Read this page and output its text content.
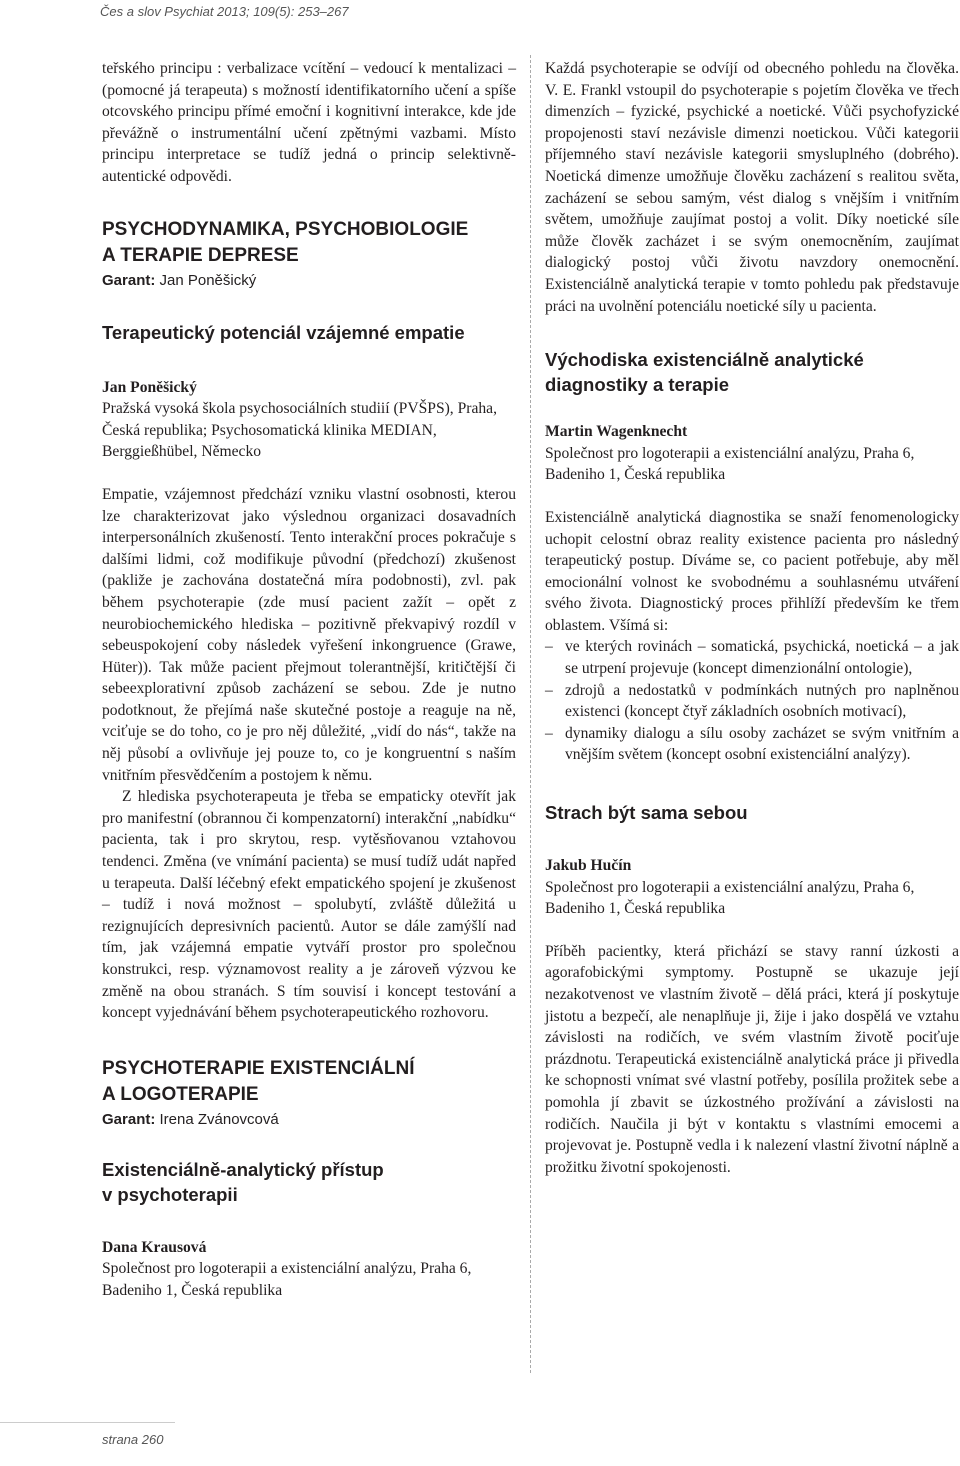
Čes a slov Psychiat 2013; 109(5): 253–267

teřského principu : verbalizace vcítění – vedoucí k mentalizaci – (pomocné já terapeuta) s možností identifikatorního učení a spíše otcovského principu přímé emoční i kognitivní interakce, kde jde převážně o instrumentální učení zpětnými vazbami. Místo principu interpretace se tudíž jedná o princip selektivně-autentické odpovědi.

PSYCHODYNAMIKA, PSYCHOBIOLOGIE
A TERAPIE DEPRESE
Garant: Jan Poněšický
Terapeutický potenciál vzájemné empatie
Jan Poněšický
Pražská vysoká škola psychosociálních studiií (PVŠPS), Praha, Česká republika; Psychosomatická klinika MEDIAN, Berggießhübel, Německo

Empatie, vzájemnost předchází vzniku vlastní osobnosti, kterou lze charakterizovat jako výslednou organizaci dosavadních interpersonálních zkušeností. Tento interakční proces pokračuje s dalšími lidmi, což modifikuje původní (předchozí) zkušenost (pakliže je zachována dostatečná míra podobnosti), zvl. pak během psychoterapie (zde musí pacient zažít – opět z neurobiochemického hlediska – pozitivně překvapivý rozdíl v sebeuspokojení coby následek vyřešení inkongruence (Grawe, Hüter)). Tak může pacient přejmout tolerantnější, kritičtější či sebeexplorativní způsob zacházení se sebou. Zde je nutno podotknout, že přejímá naše skutečné postoje a reaguje na ně, vciťuje se do toho, co je pro něj důležité, „vidí do nás“, takže na něj působí a ovlivňuje jej pouze to, co je kongruentní s naším vnitřním přesvědčením a postojem k němu.

Z hlediska psychoterapeuta je třeba se empaticky otevřít jak pro manifestní (obrannou či kompenzatorní) interakční „nabídku“ pacienta, tak i pro skrytou, resp. vytěsňovanou vztahovou tendenci. Změna (ve vnímání pacienta) se musí tudíž udát napřed u terapeuta. Další léčebný efekt empatického spojení je zkušenost – tudíž i nová možnost – spolubytí, zvláště důležitá u rezignujících depresivních pacientů. Autor se dále zamýšlí nad tím, jak vzájemná empatie vytváří prostor pro společnou konstrukci, resp. významovost reality a je zároveň výzvou ke změně na obou stranách. S tím souvisí i koncept testování a koncept vyjednávání během psychoterapeutického rozhovoru.

PSYCHOTERAPIE EXISTENCIÁLNÍ
A LOGOTERAPIE
Garant: Irena Zvánovcová
Existenciálně-analytický přístup
v psychoterapii
Dana Krausová
Společnost pro logoterapii a existenciální analýzu, Praha 6, Badeniho 1, Česká republika

Každá psychoterapie se odvíjí od obecného pohledu na člověka. V. E. Frankl vstoupil do psychoterapie s pojetím člověka ve třech dimenzích – fyzické, psychické a noetické. Vůči psychofyzické propojenosti staví nezávisle dimenzi noetickou. Vůči kategorii příjemného staví nezávisle kategorii smysluplného (dobrého). Noetická dimenze umožňuje člověku zacházení s realitou světa, zacházení se sebou samým, vést dialog s vnějším i vnitřním světem, umožňuje zaujímat postoj a volit. Díky noetické síle může člověk zacházet i se svým onemocněním, zaujímat dialogický postoj vůči životu navzdory onemocnění. Existenciálně analytická terapie v tomto pohledu pak představuje práci na uvolnění potenciálu noetické síly u pacienta.

Východiska existenciálně analytické
diagnostiky a terapie
Martin Wagenknecht
Společnost pro logoterapii a existenciální analýzu, Praha 6, Badeniho 1, Česká republika

Existenciálně analytická diagnostika se snaží fenomenologicky uchopit celostní obraz reality existence pacienta pro následný terapeutický postup. Díváme se, co pacient potřebuje, aby měl emocionální volnost ke svobodnému a souhlasnému utváření svého života. Diagnostický proces přihlíží především ke třem oblastem. Všímá si:

– ve kterých rovinách – somatická, psychická, noetická – a jak se utrpení projevuje (koncept dimenzionální ontologie),
– zdrojů a nedostatků v podmínkách nutných pro naplněnou existenci (koncept čtyř základních osobních motivací),
– dynamiky dialogu a sílu osoby zacházet se svým vnitřním a vnějším světem (koncept osobní existenciální analýzy).
Strach být sama sebou
Jakub Hučín
Společnost pro logoterapii a existenciální analýzu, Praha 6, Badeniho 1, Česká republika

Příběh pacientky, která přichází se stavy ranní úzkosti a agorafobickými symptomy. Postupně se ukazuje její nezakotvenost ve vlastním životě – dělá práci, která jí poskytuje jistotu a bezpečí, ale nenaplňuje ji, žije i jako dospělá ve vztahu závislosti na rodičích, ve svém vlastním životě pociťuje prázdnotu. Terapeutická existenciálně analytická práce ji přivedla ke schopnosti vnímat své vlastní potřeby, posílila prožitek sebe a pomohla jí zbavit se úzkostného prožívání a závislosti na rodičích. Naučila ji být v kontaktu s vlastními emocemi a projevovat je. Postupně vedla i k nalezení vlastní životní náplně a prožitku životní spokojenosti.

strana 260
